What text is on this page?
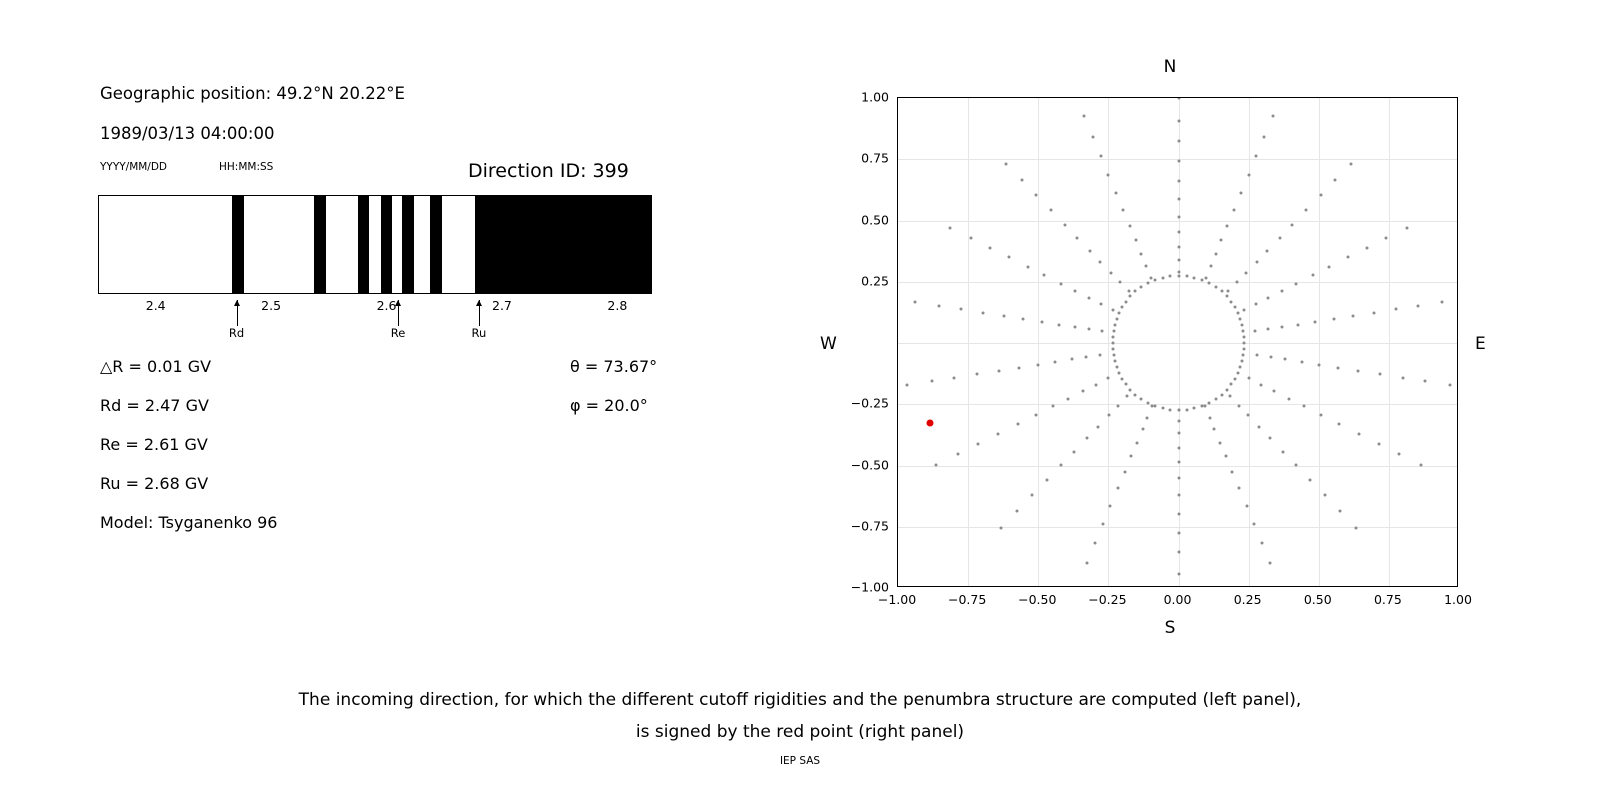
Geographic position: 49.2°N 20.22°E
1989/03/13 04:00:00
YYYY/MM/DD	HH:MM:SS	Direction ID: 399
2.4	2.5	2.6	2.7	2.8
Rd	Re	Ru
△R = 0.01 GV
Rd = 2.47 GV
Re = 2.61 GV
Ru = 2.68 GV
Model: Tsyganenko 96
θ = 73.67°
φ = 20.0°
N
S
W	E
−1.00	−0.75	−0.50	−0.25	0.00	0.25	0.50	0.75	1.00
−1.00
−0.75
−0.50
−0.25
0.25
0.50
0.75
1.00
The incoming direction, for which the different cutoff rigidities and the penumbra structure are computed (left panel),
is signed by the red point (right panel)
IEP SAS
